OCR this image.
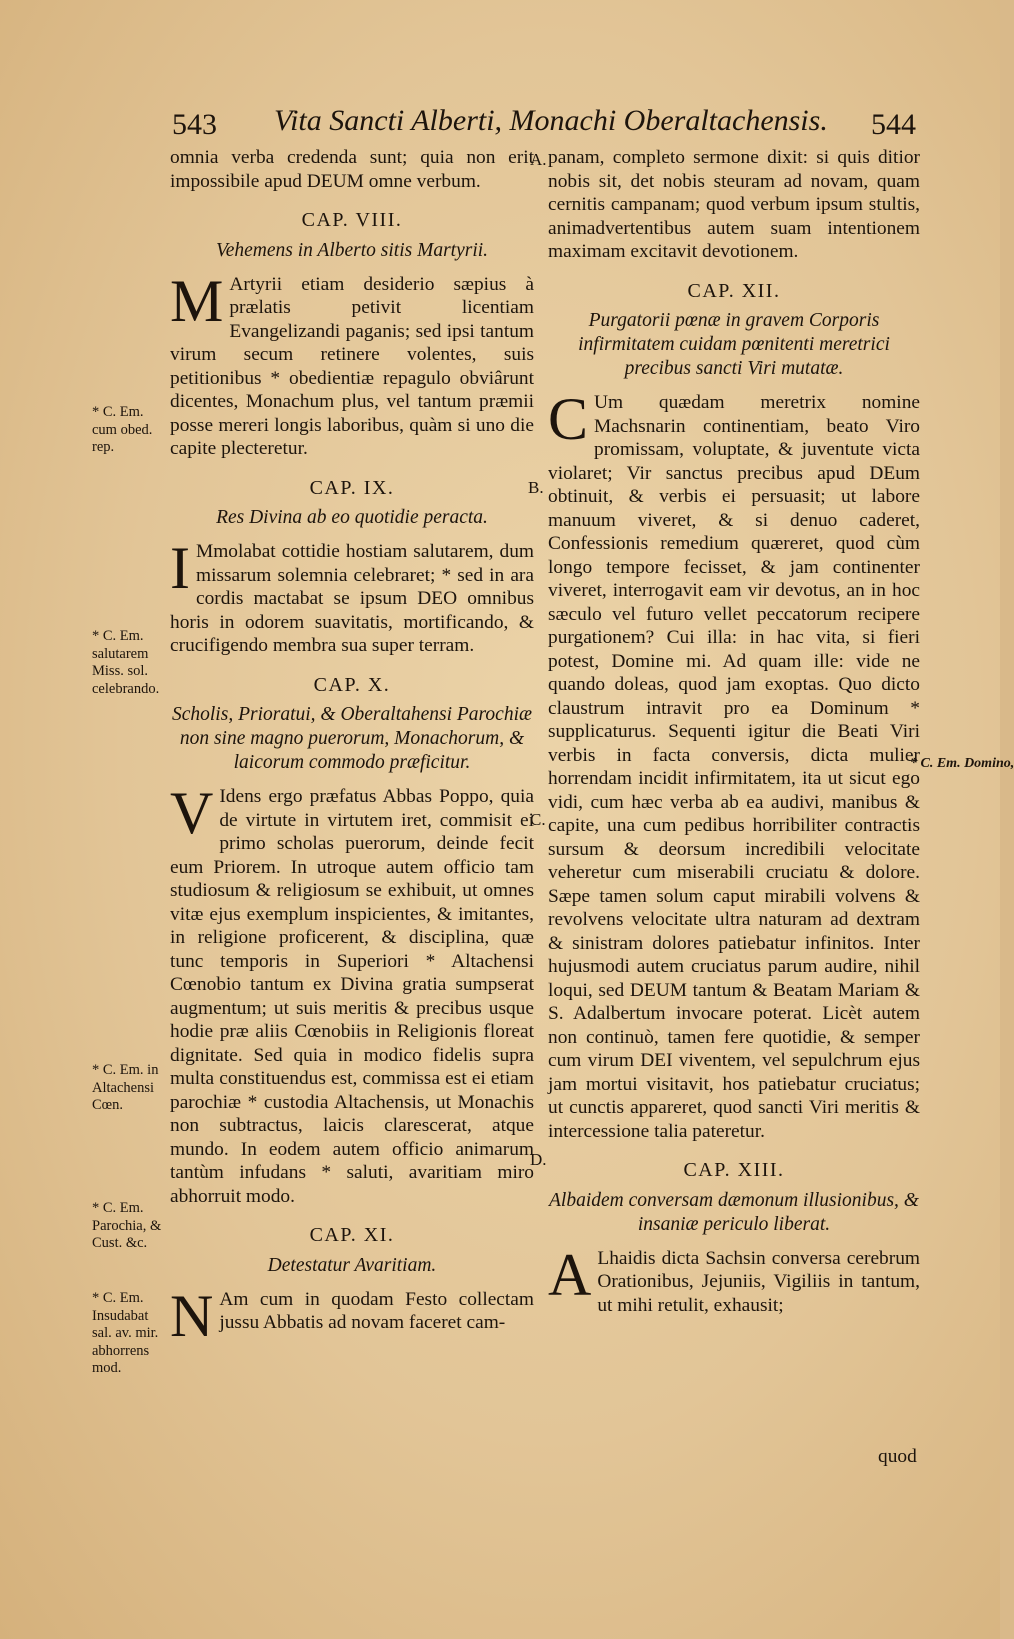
543 Vita Sancti Alberti, Monachi Oberaltachensis. 544

omnia verba credenda sunt; quia non erit impossibile apud DEUM omne verbum.

CAP. VIII.
Vehemens in Alberto sitis Martyrii.

M Artyrii etiam desiderio sæpius à prælatis petivit licentiam Evangelizandi paganis; sed ipsi tantum virum secum retinere volentes, suis petitionibus * obedientiæ repagulo obviârunt dicentes, Monachum plus, vel tantum præmii posse mereri longis laboribus, quàm si uno die capite plecteretur.

CAP. IX.
Res Divina ab eo quotidie peracta.

I Mmolabat cottidie hostiam salutarem, dum missarum solemnia celebraret; * sed in ara cordis mactabat se ipsum DEO omnibus horis in odorem suavitatis, mortificando, & crucifigendo membra sua super terram.

CAP. X.
Scholis, Prioratui, & Oberaltahensi Parochiæ non sine magno puerorum, Monachorum, & laicorum commodo præficitur.

V Idens ergo præfatus Abbas Poppo, quia de virtute in virtutem iret, commisit ei primo scholas puerorum, deinde fecit eum Priorem. In utroque autem officio tam studiosum & religiosum se exhibuit, ut omnes vitæ ejus exemplum inspicientes, & imitantes, in religione proficerent, & disciplina, quæ tunc temporis in Superiori * Altachensi Cœnobio tantum ex Divina gratia sumpserat augmentum; ut suis meritis & precibus usque hodie præ aliis Cœnobiis in Religionis floreat dignitate. Sed quia in modico fidelis supra multa constituendus est, commissa est ei etiam parochiæ * custodia Altachensis, ut Monachis non subtractus, laicis clarescerat, atque mundo. In eodem autem officio animarum tantùm infudans * saluti, avaritiam miro abhorruit modo.

CAP. XI.
Detestatur Avaritiam.

N Am cum in quodam Festo collectam jussu Abbatis ad novam faceret cam-

panam, completo sermone dixit: si quis ditior nobis sit, det nobis steuram ad novam, quam cernitis campanam; quod verbum ipsum stultis, animadvertentibus autem suam intentionem maximam excitavit devotionem.

CAP. XII.
Purgatorii pœnæ in gravem Corporis infirmitatem cuidam pœnitenti meretrici precibus sancti Viri mutatæ.

C Um quædam meretrix nomine Machsnarin continentiam, beato Viro promissam, voluptate, & juventute victa violaret; Vir sanctus precibus apud DEum obtinuit, & verbis ei persuasit; ut labore manuum viveret, & si denuo caderet, Confessionis remedium quæreret, quod cùm longo tempore fecisset, & jam continenter viveret, interrogavit eam vir devotus, an in hoc sæculo vel futuro vellet peccatorum recipere purgationem? Cui illa: in hac vita, si fieri potest, Domine mi. Ad quam ille: vide ne quando doleas, quod jam exoptas. Quo dicto claustrum intravit pro ea Dominum * supplicaturus. Sequenti igitur die Beati Viri verbis in facta conversis, dicta mulier horrendam incidit infirmitatem, ita ut sicut ego vidi, cum hæc verba ab ea audivi, manibus & capite, una cum pedibus horribiliter contractis sursum & deorsum incredibili velocitate veheretur cum miserabili cruciatu & dolore. Sæpe tamen solum caput mirabili volvens & revolvens velocitate ultra naturam ad dextram & sinistram dolores patiebatur infinitos. Inter hujusmodi autem cruciatus parum audire, nihil loqui, sed DEUM tantum & Beatam Mariam & S. Adalbertum invocare poterat. Licèt autem non continuò, tamen fere quotidie, & semper cum virum DEI viventem, vel sepulchrum ejus jam mortui visitavit, hos patiebatur cruciatus; ut cunctis appareret, quod sancti Viri meritis & intercessione talia pateretur.

CAP. XIII.
Albaidem conversam dæmonum illusionibus, & insaniæ periculo liberat.

A Lhaidis dicta Sachsin conversa cerebrum Orationibus, Jejuniis, Vigiliis in tantum, ut mihi retulit, exhausit;

quod
* C. Em. cum obed. rep.
* C. Em. salutarem Miss. sol. celebrando.
* C. Em. in Altachensi Cœn.
* C. Em. Parochia, & Cust. &c.
* C. Em. Insudabat sal. av. mir. abhorrens mod.
* C. Em. Domino,
A.
B.
C.
D.
